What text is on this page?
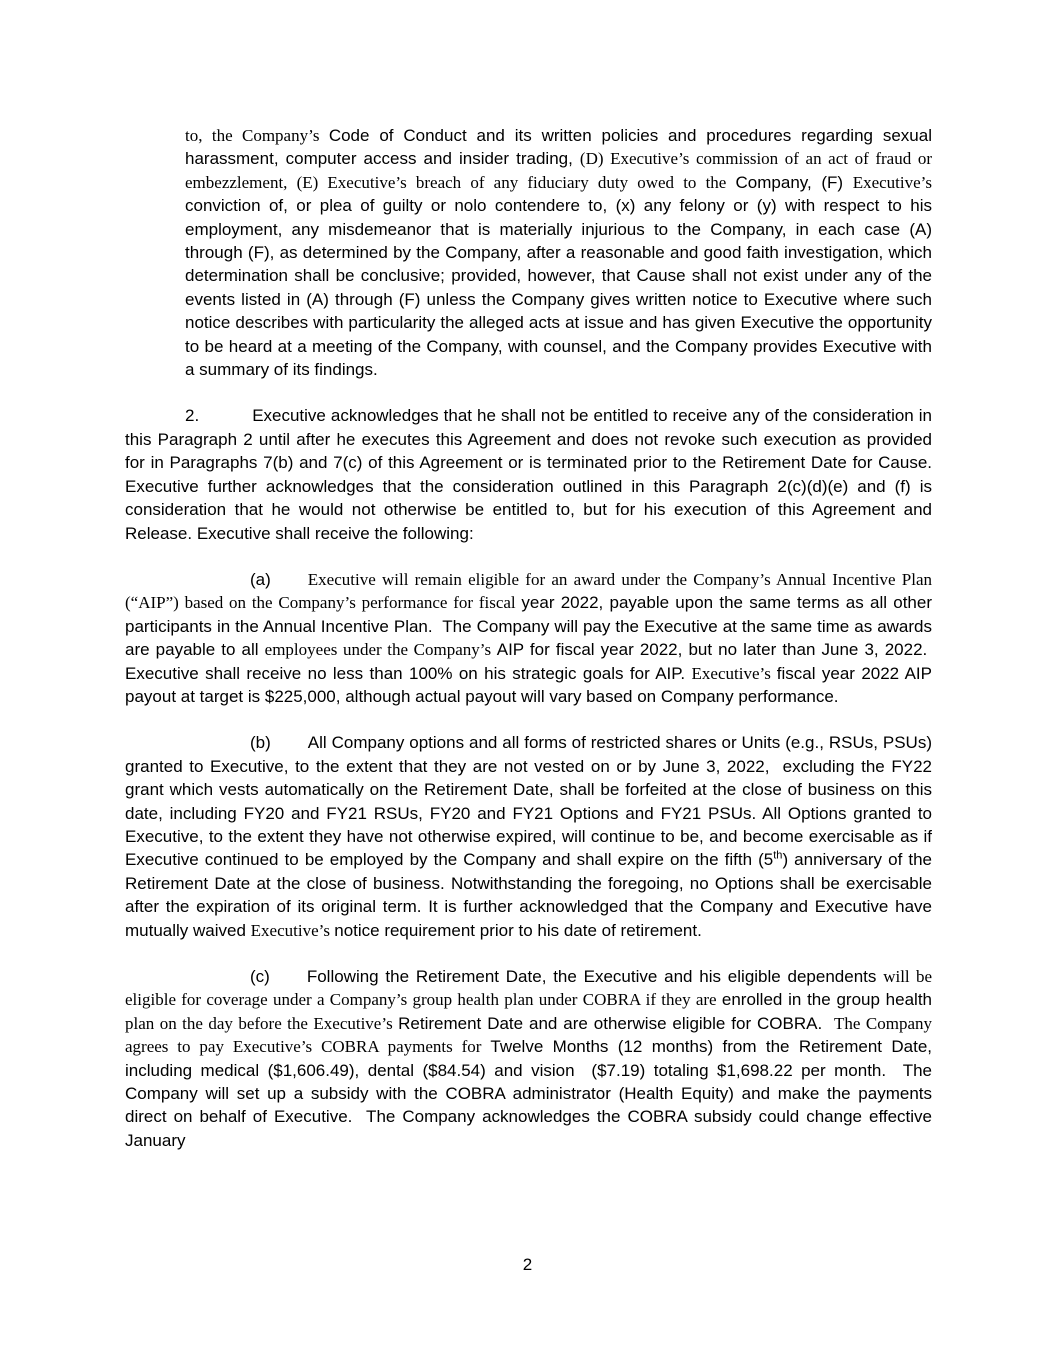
to, the Company’s Code of Conduct and its written policies and procedures regarding sexual harassment, computer access and insider trading, (D) Executive’s commission of an act of fraud or embezzlement, (E) Executive’s breach of any fiduciary duty owed to the Company, (F) Executive’s conviction of, or plea of guilty or nolo contendere to, (x) any felony or (y) with respect to his employment, any misdemeanor that is materially injurious to the Company, in each case (A) through (F), as determined by the Company, after a reasonable and good faith investigation, which determination shall be conclusive; provided, however, that Cause shall not exist under any of the events listed in (A) through (F) unless the Company gives written notice to Executive where such notice describes with particularity the alleged acts at issue and has given Executive the opportunity to be heard at a meeting of the Company, with counsel, and the Company provides Executive with a summary of its findings.

2.	Executive acknowledges that he shall not be entitled to receive any of the consideration in this Paragraph 2 until after he executes this Agreement and does not revoke such execution as provided for in Paragraphs 7(b) and 7(c) of this Agreement or is terminated prior to the Retirement Date for Cause. Executive further acknowledges that the consideration outlined in this Paragraph 2(c)(d)(e) and (f) is consideration that he would not otherwise be entitled to, but for his execution of this Agreement and Release. Executive shall receive the following:

(a) Executive will remain eligible for an award under the Company’s Annual Incentive Plan (“AIP”) based on the Company’s performance for fiscal year 2022, payable upon the same terms as all other participants in the Annual Incentive Plan.  The Company will pay the Executive at the same time as awards are payable to all employees under the Company’s AIP for fiscal year 2022, but no later than June 3, 2022.  Executive shall receive no less than 100% on his strategic goals for AIP. Executive’s fiscal year 2022 AIP payout at target is $225,000, although actual payout will vary based on Company performance.

(b) All Company options and all forms of restricted shares or Units (e.g., RSUs, PSUs) granted to Executive, to the extent that they are not vested on or by June 3, 2022,  excluding the FY22 grant which vests automatically on the Retirement Date, shall be forfeited at the close of business on this date, including FY20 and FY21 RSUs, FY20 and FY21 Options and FY21 PSUs. All Options granted to Executive, to the extent they have not otherwise expired, will continue to be, and become exercisable as if Executive continued to be employed by the Company and shall expire on the fifth (5th) anniversary of the Retirement Date at the close of business. Notwithstanding the foregoing, no Options shall be exercisable after the expiration of its original term. It is further acknowledged that the Company and Executive have mutually waived Executive’s notice requirement prior to his date of retirement.

(c) Following the Retirement Date, the Executive and his eligible dependents will be eligible for coverage under a Company’s group health plan under COBRA if they are enrolled in the group health plan on the day before the Executive’s Retirement Date and are otherwise eligible for COBRA.  The Company agrees to pay Executive’s COBRA payments for Twelve Months (12 months) from the Retirement Date, including medical ($1,606.49), dental ($84.54) and vision  ($7.19) totaling $1,698.22 per month.  The Company will set up a subsidy with the COBRA administrator (Health Equity) and make the payments direct on behalf of Executive.  The Company acknowledges the COBRA subsidy could change effective January

2
